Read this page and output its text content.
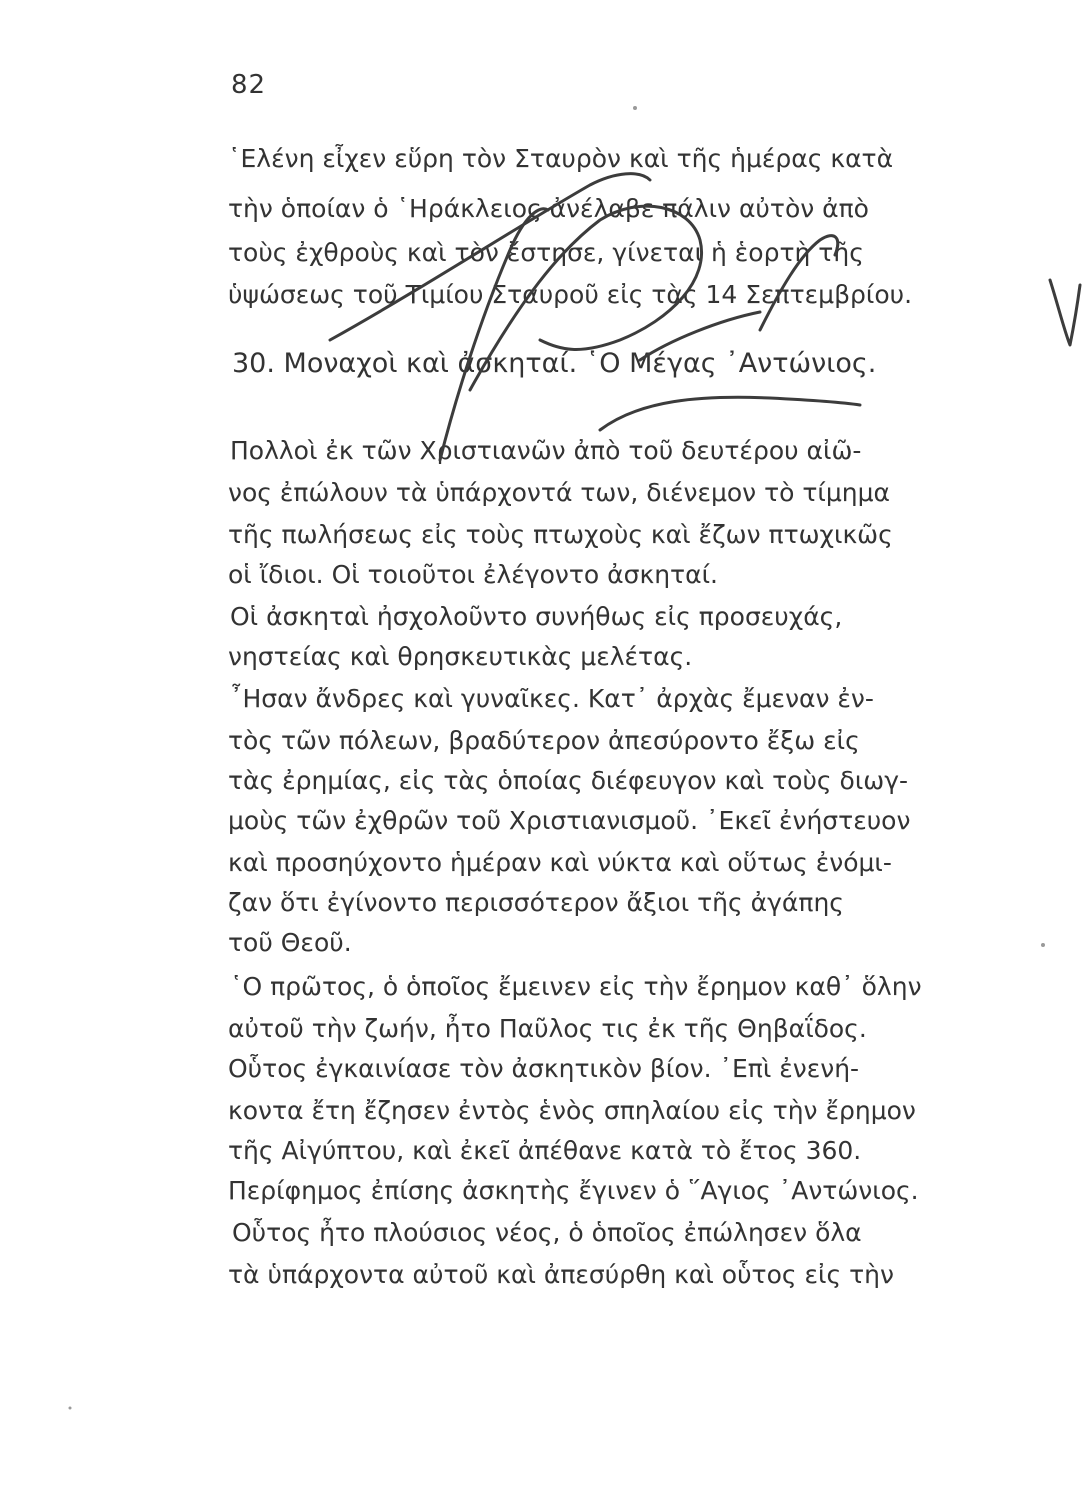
82
῾Ελένη εἶχεν εὕρη τὸν Σταυρὸν καὶ τῆς ἡμέρας κατὰ
τὴν ὁποίαν ὁ ῾Ηράκλειος ἀνέλαβε πάλιν αὐτὸν ἀπὸ
τοὺς ἐχθροὺς καὶ τὸν ἔστησε, γίνεται ἡ ἑορτὴ τῆς
ὑψώσεως τοῦ Τιμίου Σταυροῦ εἰς τὰς 14 Σεπτεμβρίου.
30. Μοναχοὶ καὶ ἀσκηταί. ῾Ο Μέγας ᾿Αντώνιος.
Πολλοὶ ἐκ τῶν Χριστιανῶν ἀπὸ τοῦ δευτέρου αἰῶ-
νος ἐπώλουν τὰ ὑπάρχοντά των, διένεμον τὸ τίμημα
τῆς πωλήσεως εἰς τοὺς πτωχοὺς καὶ ἔζων πτωχικῶς
οἱ ἴδιοι. Οἱ τοιοῦτοι ἐλέγοντο ἀσκηταί.
Οἱ ἀσκηταὶ ἠσχολοῦντο συνήθως εἰς προσευχάς,
νηστείας καὶ θρησκευτικὰς μελέτας.
῏Ησαν ἄνδρες καὶ γυναῖκες. Κατ᾿ ἀρχὰς ἔμεναν ἐν-
τὸς τῶν πόλεων, βραδύτερον ἀπεσύροντο ἔξω εἰς
τὰς ἐρημίας, εἰς τὰς ὁποίας διέφευγον καὶ τοὺς διωγ-
μοὺς τῶν ἐχθρῶν τοῦ Χριστιανισμοῦ. ᾿Εκεῖ ἐνήστευον
καὶ προσηύχοντο ἡμέραν καὶ νύκτα καὶ οὕτως ἐνόμι-
ζαν ὅτι ἐγίνοντο περισσότερον ἄξιοι τῆς ἀγάπης
τοῦ Θεοῦ.
῾Ο πρῶτος, ὁ ὁποῖος ἔμεινεν εἰς τὴν ἔρημον καθ᾿ ὅλην
αὐτοῦ τὴν ζωήν, ἦτο Παῦλος τις ἐκ τῆς Θηβαΐδος.
Οὗτος ἐγκαινίασε τὸν ἀσκητικὸν βίον. ᾿Επὶ ἐνενή-
κοντα ἔτη ἔζησεν ἐντὸς ἑνὸς σπηλαίου εἰς τὴν ἔρημον
τῆς Αἰγύπτου, καὶ ἐκεῖ ἀπέθανε κατὰ τὸ ἔτος 360.
Περίφημος ἐπίσης ἀσκητὴς ἔγινεν ὁ ῞Αγιος ᾿Αντώνιος.
Οὗτος ἦτο πλούσιος νέος, ὁ ὁποῖος ἐπώλησεν ὅλα
τὰ ὑπάρχοντα αὐτοῦ καὶ ἀπεσύρθη καὶ οὗτος εἰς τὴν
